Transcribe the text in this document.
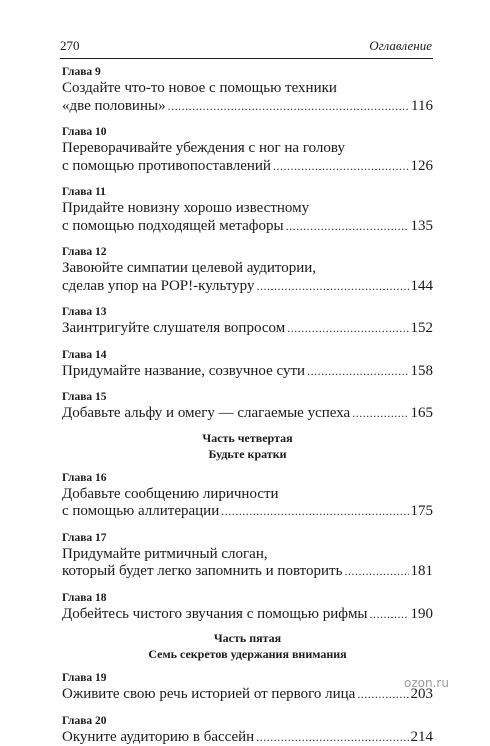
270	Оглавление
Глава 9
Создайте что-то новое с помощью техники
«две половины» .....	116
Глава 10
Переворачивайте убеждения с ног на голову
с помощью противопоставлений .....	126
Глава 11
Придайте новизну хорошо известному
с помощью подходящей метафоры .....	135
Глава 12
Завоюйте симпатии целевой аудитории,
сделав упор на POP!-культуру .....	144
Глава 13
Заинтригуйте слушателя вопросом .....	152
Глава 14
Придумайте название, созвучное сути .....	158
Глава 15
Добавьте альфу и омегу — слагаемые успеха .....	165
Часть четвертая
Будьте кратки
Глава 16
Добавьте сообщению лиричности
с помощью аллитерации .....	175
Глава 17
Придумайте ритмичный слоган,
который будет легко запомнить и повторить .....	181
Глава 18
Добейтесь чистого звучания с помощью рифмы .....	190
Часть пятая
Семь секретов удержания внимания
Глава 19
Оживите свою речь историей от первого лица .....	203
Глава 20
Окуните аудиторию в бассейн .....	214
ozon.ru
